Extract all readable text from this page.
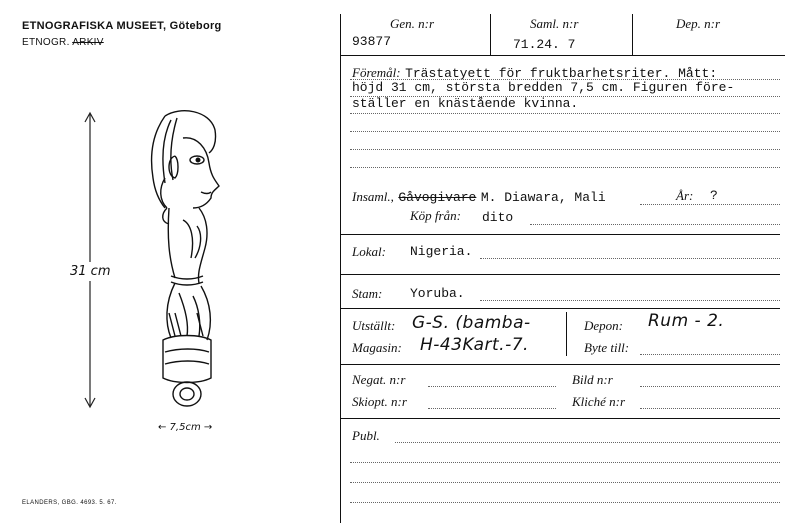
ETNOGRAFISKA MUSEET, Göteborg
ETNOGR. ARKIV
31 cm
← 7,5cm →
ELANDERS, GBG. 4693. 5. 67.
Gen. n:r
93877
Saml. n:r
71.24. 7
Dep. n:r
Föremål: Trästatyett för fruktbarhetsriter. Mått:
höjd 31 cm, största bredden 7,5 cm. Figuren före-
ställer en knästående kvinna.
Insaml., Gåvogivare M. Diawara, Mali	År: ?
Köp från: dito
Lokal: Nigeria.
Stam: Yoruba.
Utställt: G-S. (bamba-
Magasin: H-43Kart.-7.
Depon: Rum - 2.
Byte till:
Negat. n:r	Bild n:r
Skiopt. n:r	Kliché n:r
Publ.
